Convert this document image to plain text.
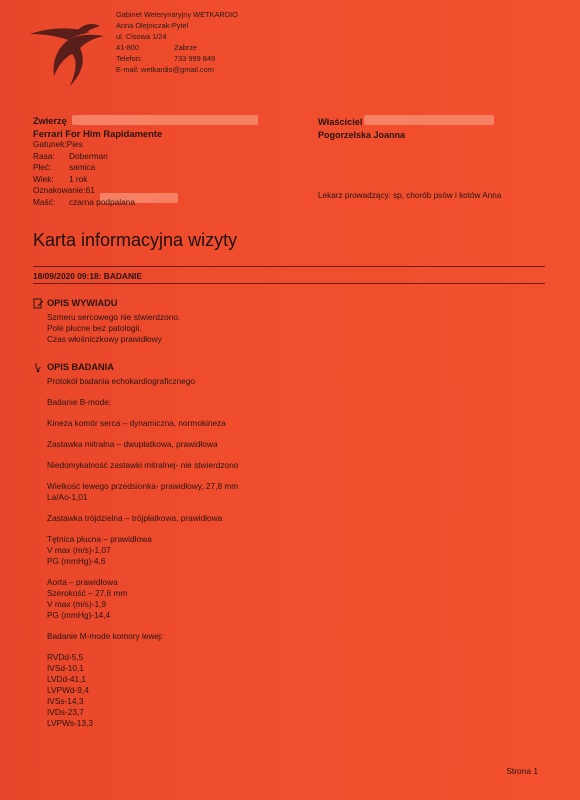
Gabinet Weterynaryjny WETKARDIO
Anna Olejniczak-Pytel
ul. Cisowa 1/24
41-800	Zabrze
Telefon:	733 999 849
E-mail: wetkardio@gmail.com
Zwierzę
Ferrari For Him Rapidamente
Gatunek:Pies
Rasa:	Doberman
Płeć:	samica
Wiek:	1 rok
Oznakowanie: 61
Maść:	czarna podpalana
Właściciel
Pogorzelska Joanna
Lekarz prowadzący: sp, chorób psów i kotów Anna
Karta informacyjna wizyty
18/09/2020 09:18: BADANIE
OPIS WYWIADU

Szmeru sercowego nie stwierdzono.

Pole płucne bez patologii.

Czas włośniczkowy prawidłowy

OPIS BADANIA

Protokół badania echokardiograficznego

Badanie B-mode:

Kineza komór serca – dynamiczna, normokineza

Zastawka mitralna – dwupłatkowa, prawidłowa

Niedomykalność zastawki mitralnej- nie stwierdzono

Wielkość lewego przedsionka- prawidłowy, 27,8 mm

La/Ao-1,01

Zastawka trójdzielna – trójpłatkowa, prawidłowa

Tętnica płucna – prawidłowa

V max (m/s)-1,07

PG (mmHg)-4,6

Aorta – prawidłowa

Szerokość – 27,6 mm

V max (m/s)-1,9

PG (mmHg)-14,4

Badanie M-mode komory lewej:

RVDd-5,5

IVSd-10,1

LVDd-41,1

LVPWd-9,4

IVSs-14,3

IVDs-23,7

LVPWs-13,3

Strona 1
